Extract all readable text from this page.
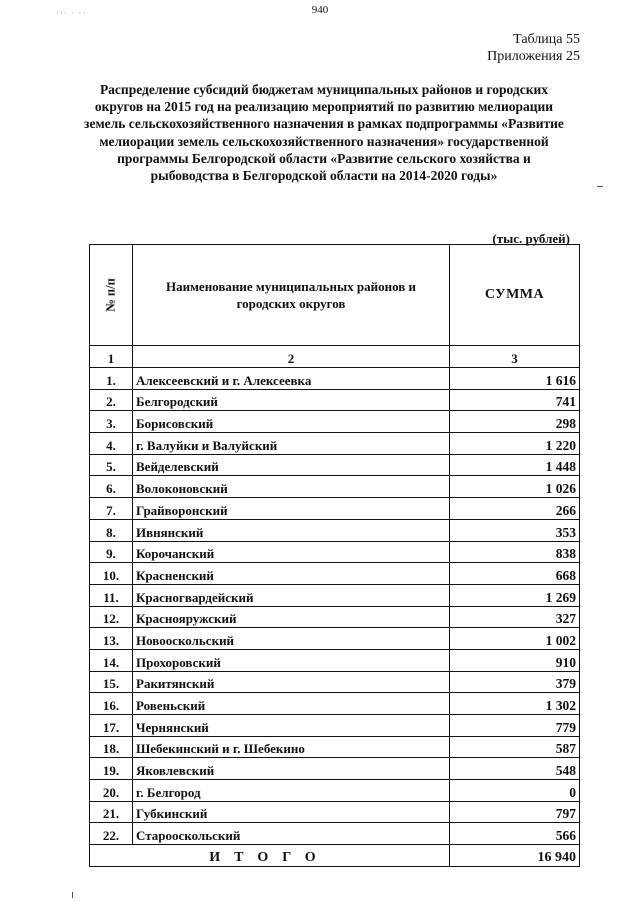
940
··· · ··
Таблица 55
Приложения 25
Распределение субсидий бюджетам муниципальных районов и городских округов на 2015 год на реализацию мероприятий по развитию мелиорации земель сельскохозяйственного назначения в рамках подпрограммы «Развитие мелиорации земель сельскохозяйственного назначения» государственной программы Белгородской области «Развитие сельского хозяйства и рыбоводства в Белгородской области на 2014-2020 годы»
(тыс. рублей)
№ п/п	Наименование муниципальных районов и городских округов	СУММА
1	2	3
1.	Алексеевский и г. Алексеевка	1 616
2.	Белгородский	741
3.	Борисовский	298
4.	г. Валуйки и Валуйский	1 220
5.	Вейделевский	1 448
6.	Волоконовский	1 026
7.	Грайворонский	266
8.	Ивнянский	353
9.	Корочанский	838
10.	Красненский	668
11.	Красногвардейский	1 269
12.	Краснояружский	327
13.	Новооскольский	1 002
14.	Прохоровский	910
15.	Ракитянский	379
16.	Ровеньский	1 302
17.	Чернянский	779
18.	Шебекинский и г. Шебекино	587
19.	Яковлевский	548
20.	г. Белгород	0
21.	Губкинский	797
22.	Старооскольский	566
ИТОГО		16 940
